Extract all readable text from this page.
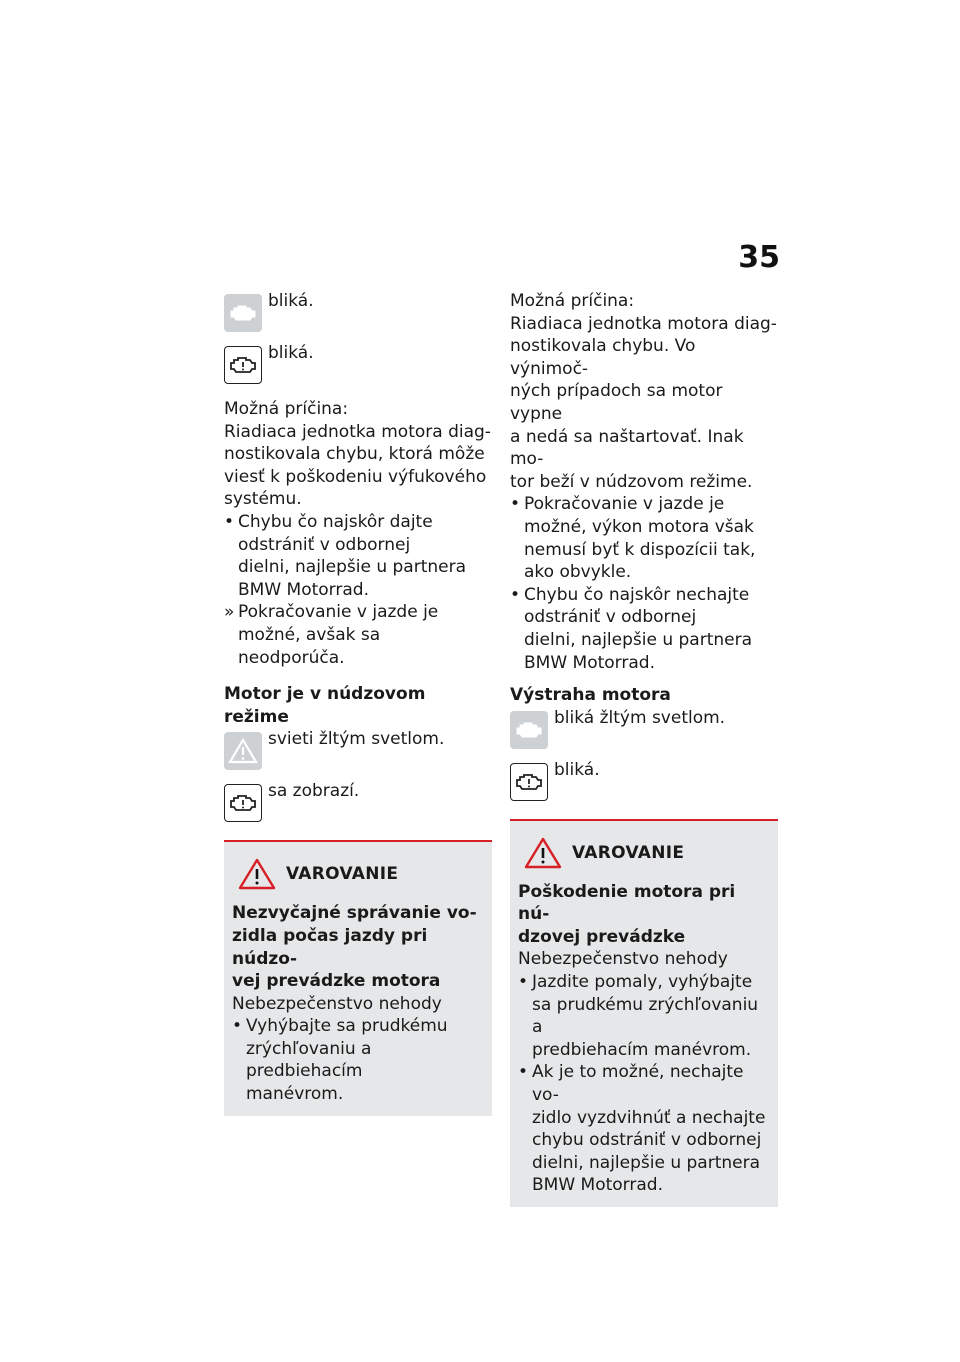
35
bliká.
bliká.

Možná príčina:

Riadiaca jednotka motora diag-

nostikovala chybu, ktorá môže

viesť k poškodeniu výfukového

systému.

• Chybu čo najskôr dajte
odstrániť v odbornej
dielni, najlepšie u partnera
BMW Motorrad.
» Pokračovanie v jazde je
možné, avšak sa neodporúča.

Motor je v núdzovom režime

svieti žltým svetlom.
sa zobrazí.
VAROVANIE

Nezvyčajné správanie vo-

zidla počas jazdy pri núdzo-

vej prevádzke motora

Nebezpečenstvo nehody

• Vyhýbajte sa prudkému
zrýchľovaniu a predbiehacím
manévrom.

Možná príčina:

Riadiaca jednotka motora diag-

nostikovala chybu. Vo výnimoč-

ných prípadoch sa motor vypne

a nedá sa naštartovať. Inak mo-

tor beží v núdzovom režime.

• Pokračovanie v jazde je
možné, výkon motora však
nemusí byť k dispozícii tak,
ako obvykle.
• Chybu čo najskôr nechajte
odstrániť v odbornej
dielni, najlepšie u partnera
BMW Motorrad.

Výstraha motora

bliká žltým svetlom.
bliká.
VAROVANIE

Poškodenie motora pri nú-

dzovej prevádzke

Nebezpečenstvo nehody

• Jazdite pomaly, vyhýbajte
sa prudkému zrýchľovaniu a
predbiehacím manévrom.
• Ak je to možné, nechajte vo-
zidlo vyzdvihnúť a nechajte
chybu odstrániť v odbornej
dielni, najlepšie u partnera
BMW Motorrad.
